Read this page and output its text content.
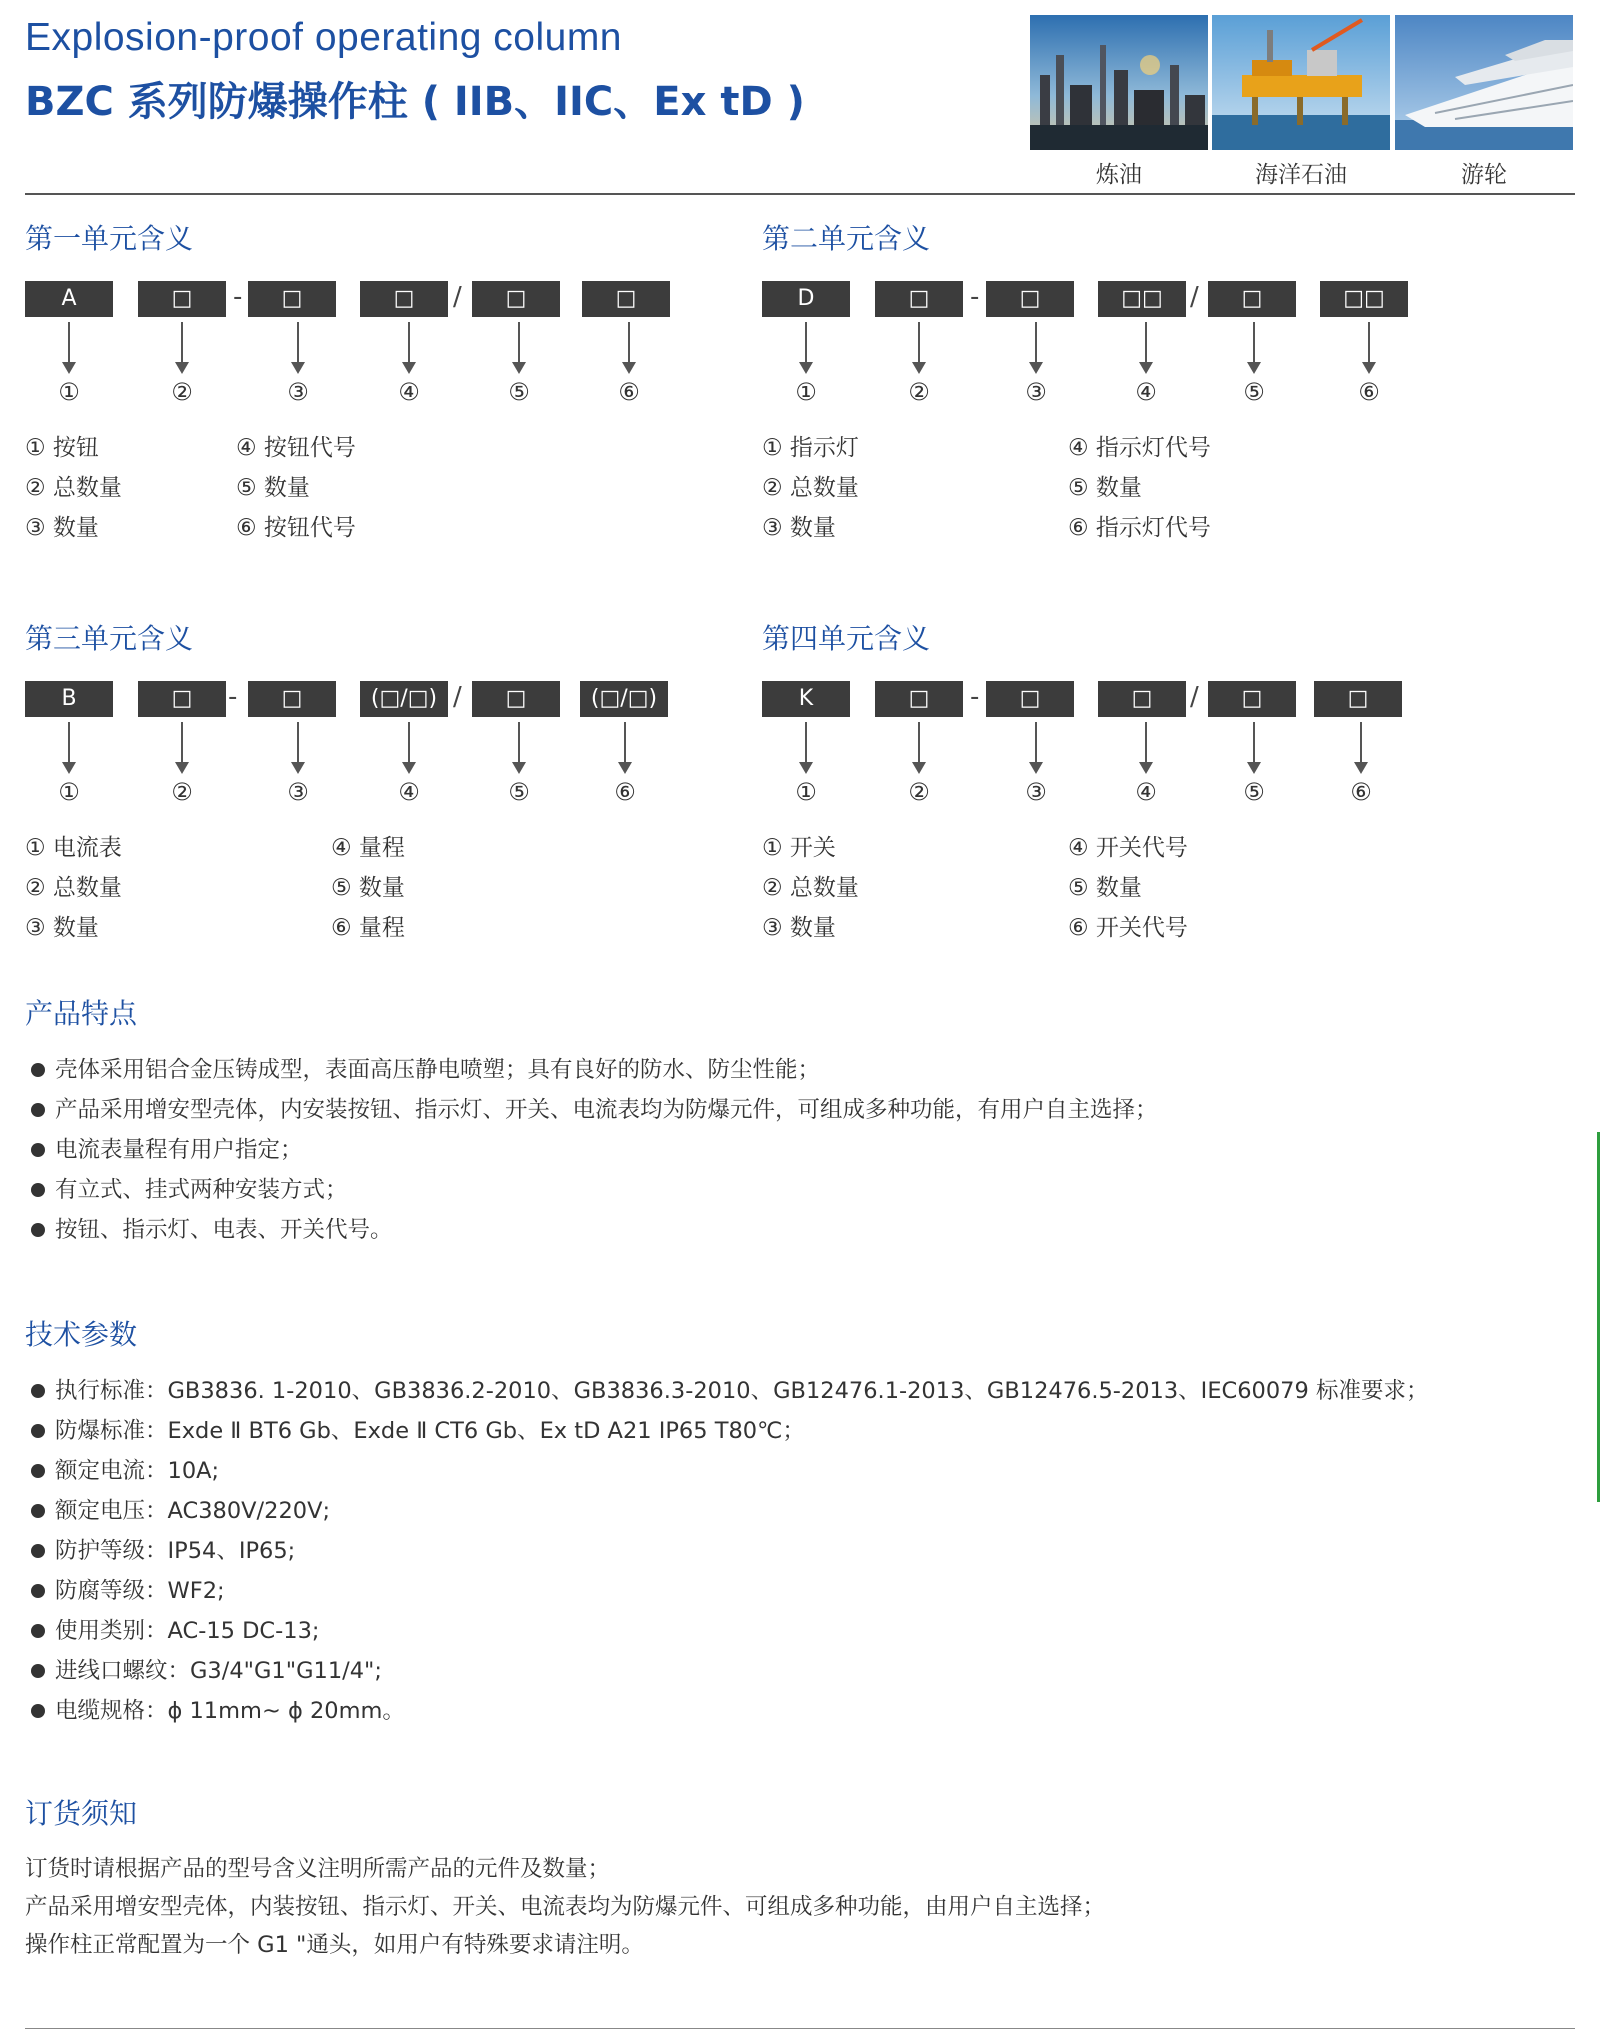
Explosion-proof operating column
BZC 系列防爆操作柱 ( IIB、IIC、Ex tD )
炼油	海洋石油	游轮
第一单元含义
A	□	-	□	□	/	□	□
①	②	③	④	⑤	⑥
① 按钮
② 总数量
③ 数量
④ 按钮代号
⑤ 数量
⑥ 按钮代号
第二单元含义
D	□	-	□	□□	/	□	□□
①	②	③	④	⑤	⑥
① 指示灯
② 总数量
③ 数量
④ 指示灯代号
⑤ 数量
⑥ 指示灯代号
第三单元含义
B	□	-	□	(□/□) /	□	(□/□)
①	②	③	④	⑤	⑥
① 电流表
② 总数量
③ 数量
④ 量程
⑤ 数量
⑥ 量程
第四单元含义
K	□	-	□	□	/	□	□
①	②	③	④	⑤	⑥
① 开关
② 总数量
③ 数量
④ 开关代号
⑤ 数量
⑥ 开关代号
产品特点
壳体采用铝合金压铸成型，表面高压静电喷塑；具有良好的防水、防尘性能；
产品采用增安型壳体，内安装按钮、指示灯、开关、电流表均为防爆元件，可组成多种功能，有用户自主选择；
电流表量程有用户指定；
有立式、挂式两种安装方式；
按钮、指示灯、电表、开关代号。
技术参数
执行标准：GB3836. 1-2010、GB3836.2-2010、GB3836.3-2010、GB12476.1-2013、GB12476.5-2013、IEC60079 标准要求；
防爆标准：Exde Ⅱ BT6 Gb、Exde Ⅱ CT6 Gb、Ex tD A21 IP65 T80℃；
额定电流：10A;
额定电压：AC380V/220V;
防护等级：IP54、IP65;
防腐等级：WF2;
使用类别：AC-15 DC-13;
进线口螺纹：G3/4"G1"G11/4";
电缆规格：ϕ 11mm~ ϕ 20mm。
订货须知

订货时请根据产品的型号含义注明所需产品的元件及数量；

产品采用增安型壳体，内装按钮、指示灯、开关、电流表均为防爆元件、可组成多种功能，由用户自主选择；

操作柱正常配置为一个 G1 "通头，如用户有特殊要求请注明。
